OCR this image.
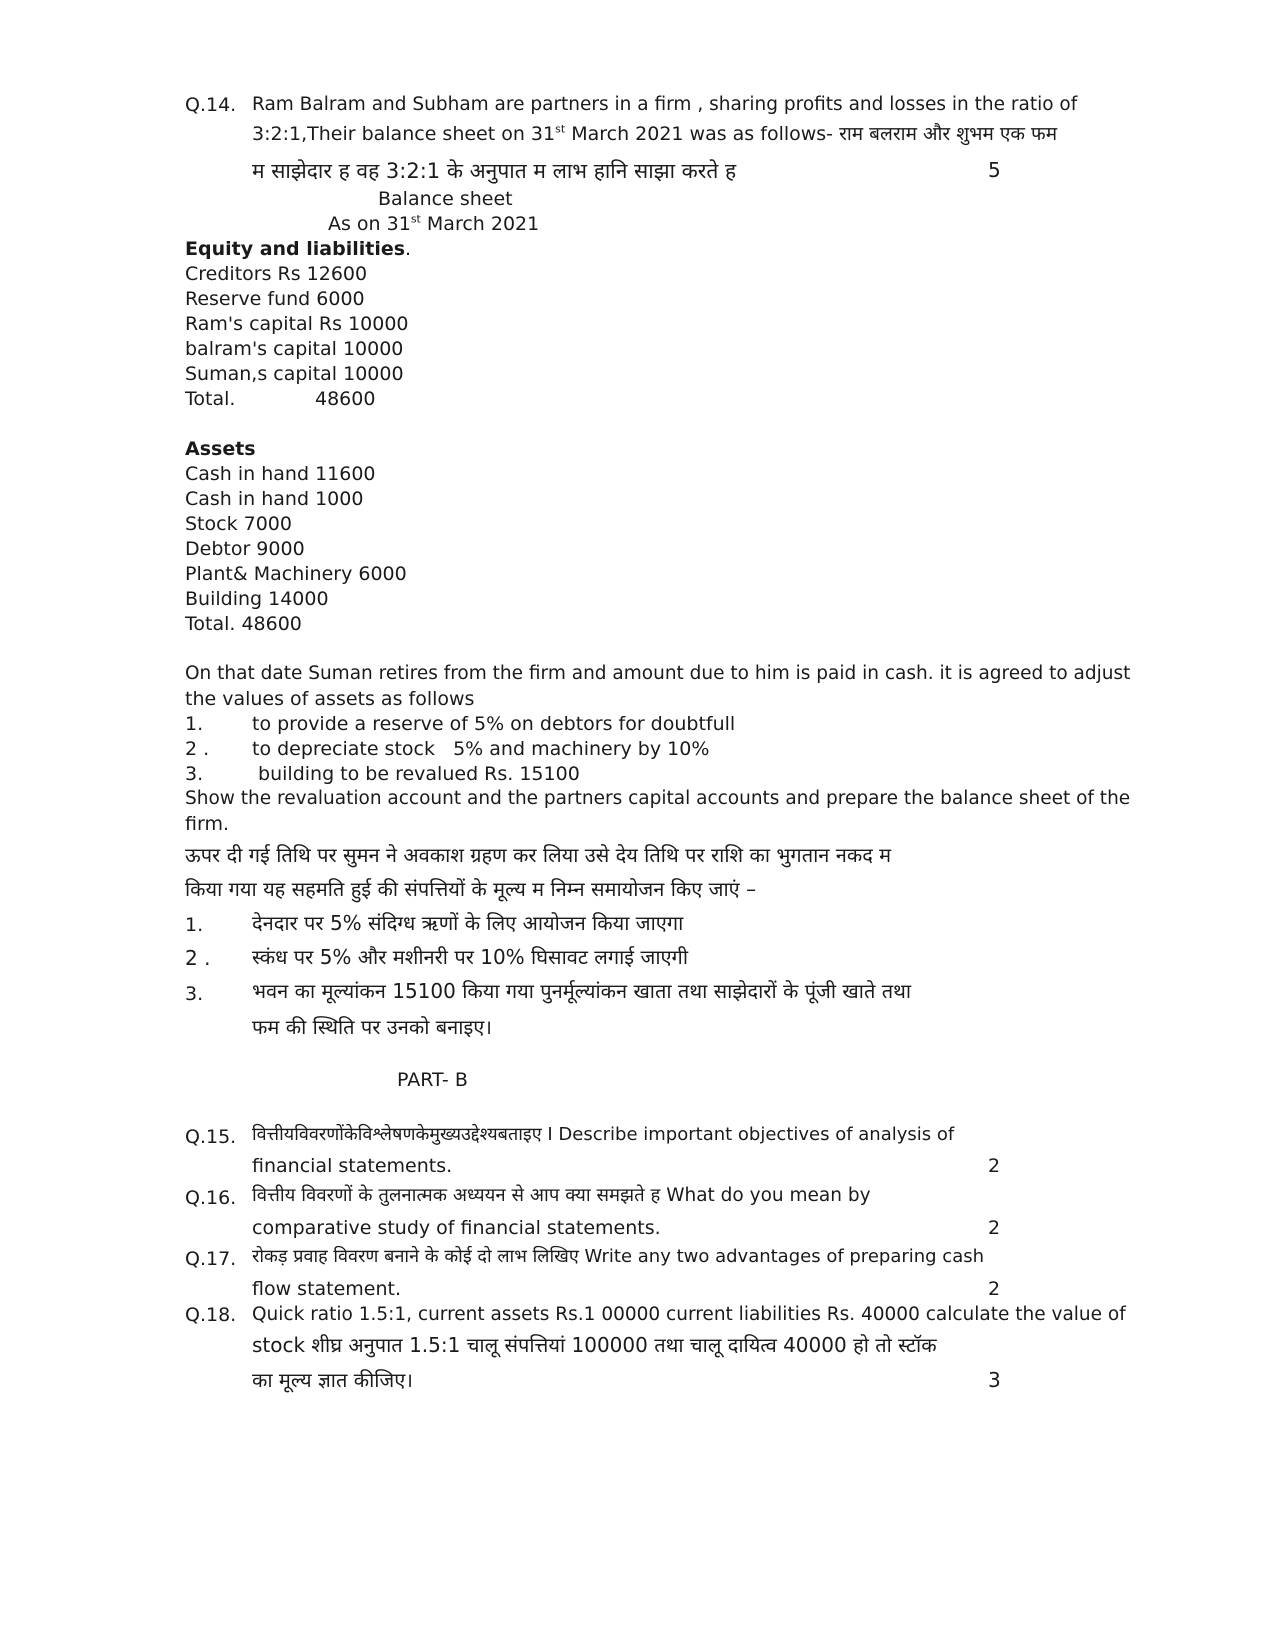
Q.14. Ram Balram and Subham are partners in a firm , sharing profits and losses in the ratio of
3:2:1,Their balance sheet on 31st March 2021 was as follows- राम बलराम और शुभम एक फम
म साझेदार ह वह 3:2:1 के अनुपात म लाभ हानि साझा करते ह	5
Balance sheet
As on 31st March 2021
Equity and liabilities.
Creditors Rs 12600
Reserve fund 6000
Ram's capital Rs 10000
balram's capital 10000
Suman,s capital 10000
Total.	48600
Assets
Cash in hand 11600
Cash in hand 1000
Stock 7000
Debtor 9000
Plant& Machinery 6000
Building 14000
Total. 48600
On that date Suman retires from the firm and amount due to him is paid in cash. it is agreed to adjust
the values of assets as follows
1.	to provide a reserve of 5% on debtors for doubtfull
2 . to depreciate stock   5% and machinery by 10%
3.	building to be revalued Rs. 15100
Show the revaluation account and the partners capital accounts and prepare the balance sheet of the
firm.
ऊपर दी गई तिथि पर सुमन ने अवकाश ग्रहण कर लिया उसे देय तिथि पर राशि का भुगतान नकद म
किया गया यह सहमति हुई की संपत्तियों के मूल्य म निम्न समायोजन किए जाएं –
1. देनदार पर 5% संदिग्ध ऋणों के लिए आयोजन किया जाएगा
2 . स्कंध पर 5% और मशीनरी पर 10% घिसावट लगाई जाएगी
3. भवन का मूल्यांकन 15100 किया गया पुनर्मूल्यांकन खाता तथा साझेदारों के पूंजी खाते तथा
फम की स्थिति पर उनको बनाइए।
PART- B
Q.15. वित्तीयविवरणोंकेविश्लेषणकेमुख्यउद्देश्यबताइए I Describe important objectives of analysis of
financial statements.	2
Q.16. वित्तीय विवरणों के तुलनात्मक अध्ययन से आप क्या समझते ह What do you mean by
comparative study of financial statements.	2
Q.17. रोकड़ प्रवाह विवरण बनाने के कोई दो लाभ लिखिए Write any two advantages of preparing cash
flow statement.	2
Q.18. Quick ratio 1.5:1, current assets Rs.1 00000 current liabilities Rs. 40000 calculate the value of
stock शीघ्र अनुपात 1.5:1 चालू संपत्तियां 100000 तथा चालू दायित्व 40000 हो तो स्टॉक
का मूल्य ज्ञात कीजिए।	3
